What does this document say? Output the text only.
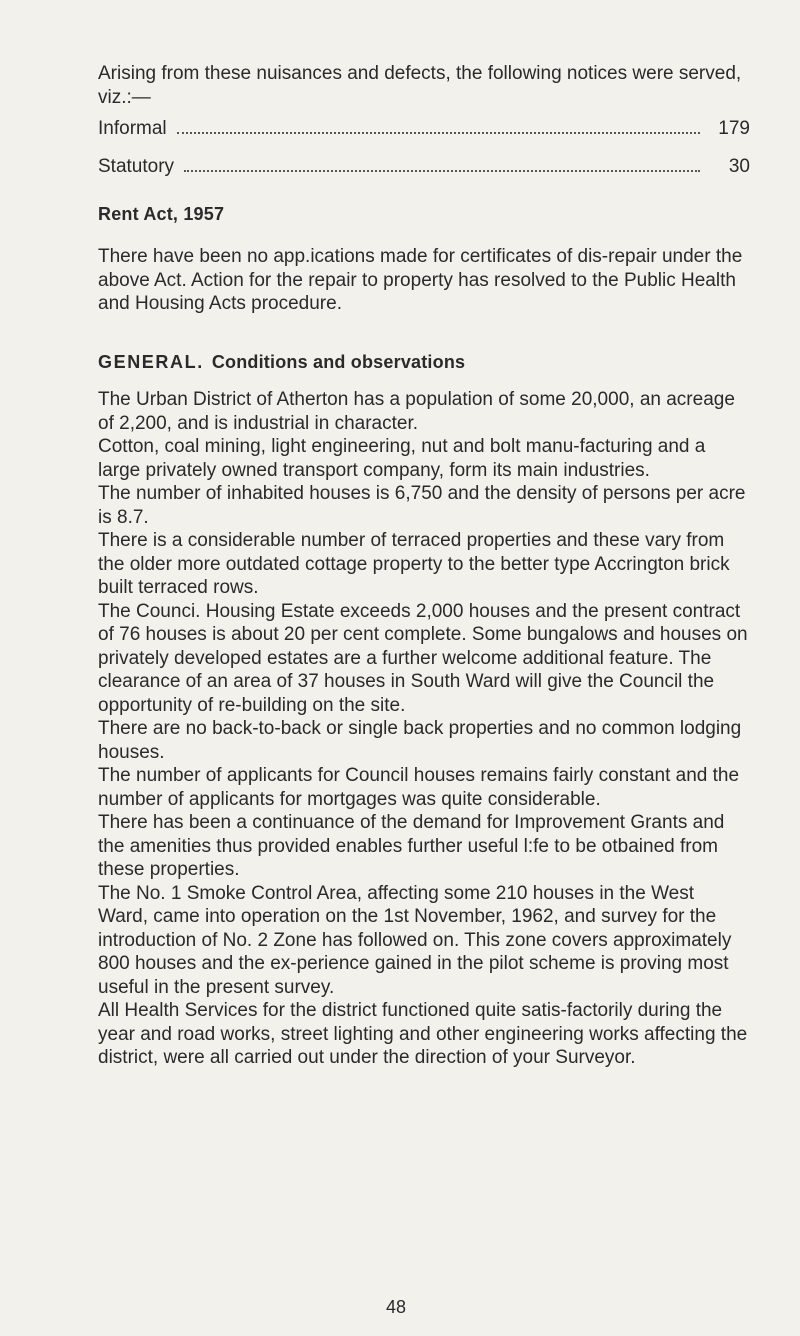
Arising from these nuisances and defects, the following notices were served, viz.:—

Informal	179
Statutory	30
Rent Act, 1957

There have been no app.ications made for certificates of dis-repair under the above Act. Action for the repair to property has resolved to the Public Health and Housing Acts procedure.

GENERAL. Conditions and observations

The Urban District of Atherton has a population of some 20,000, an acreage of 2,200, and is industrial in character.

Cotton, coal mining, light engineering, nut and bolt manu-facturing and a large privately owned transport company, form its main industries.

The number of inhabited houses is 6,750 and the density of persons per acre is 8.7.

There is a considerable number of terraced properties and these vary from the older more outdated cottage property to the better type Accrington brick built terraced rows.

The Counci. Housing Estate exceeds 2,000 houses and the present contract of 76 houses is about 20 per cent complete. Some bungalows and houses on privately developed estates are a further welcome additional feature. The clearance of an area of 37 houses in South Ward will give the Council the opportunity of re-building on the site.

There are no back-to-back or single back properties and no common lodging houses.

The number of applicants for Council houses remains fairly constant and the number of applicants for mortgages was quite considerable.

There has been a continuance of the demand for Improvement Grants and the amenities thus provided enables further useful l:fe to be otbained from these properties.

The No. 1 Smoke Control Area, affecting some 210 houses in the West Ward, came into operation on the 1st November, 1962, and survey for the introduction of No. 2 Zone has followed on. This zone covers approximately 800 houses and the ex-perience gained in the pilot scheme is proving most useful in the present survey.

All Health Services for the district functioned quite satis-factorily during the year and road works, street lighting and other engineering works affecting the district, were all carried out under the direction of your Surveyor.

48
